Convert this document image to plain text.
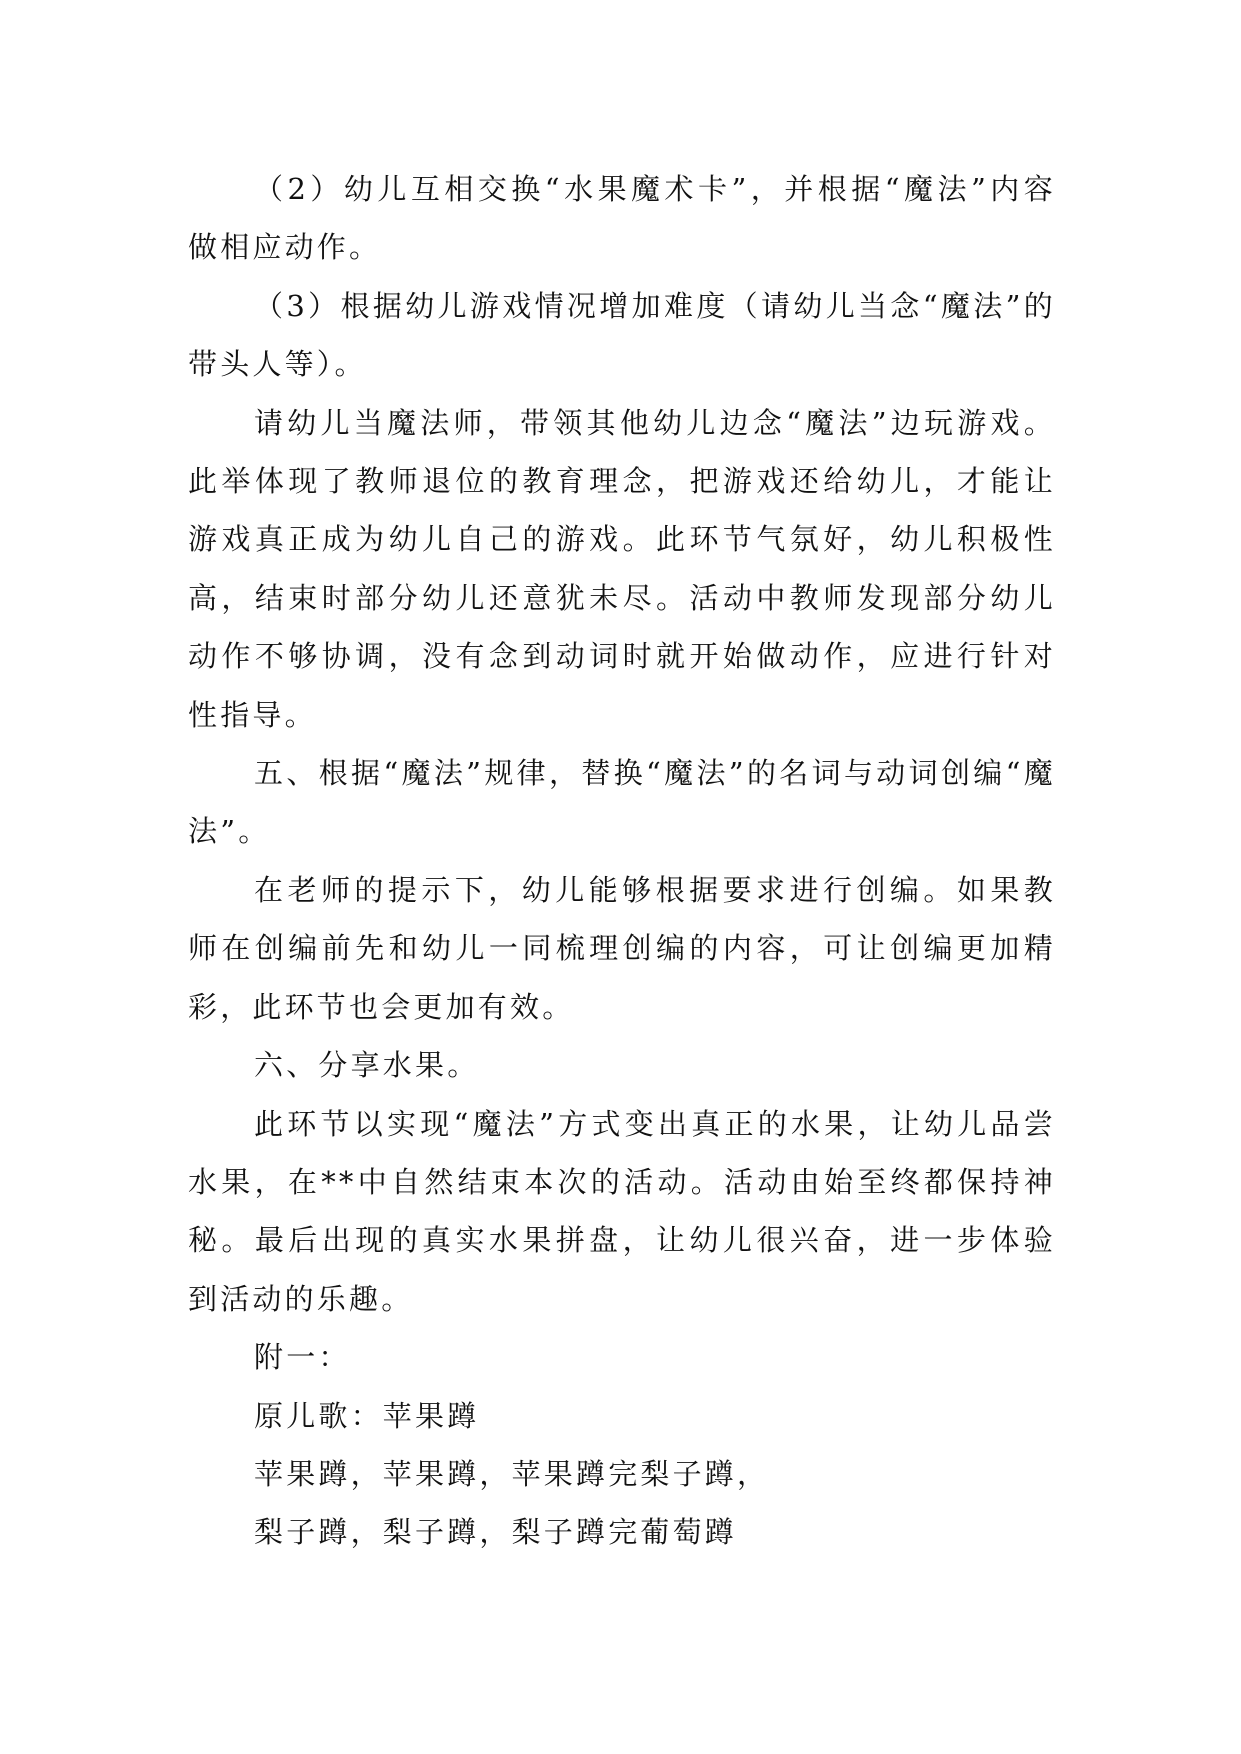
（2）幼儿互相交换“水果魔术卡”，并根据“魔法”内容做相应动作。

（3）根据幼儿游戏情况增加难度（请幼儿当念“魔法”的带头人等）。

请幼儿当魔法师，带领其他幼儿边念“魔法”边玩游戏。此举体现了教师退位的教育理念，把游戏还给幼儿，才能让游戏真正成为幼儿自己的游戏。此环节气氛好，幼儿积极性高，结束时部分幼儿还意犹未尽。活动中教师发现部分幼儿动作不够协调，没有念到动词时就开始做动作，应进行针对性指导。

五、根据“魔法”规律，替换“魔法”的名词与动词创编“魔法”。

在老师的提示下，幼儿能够根据要求进行创编。如果教师在创编前先和幼儿一同梳理创编的内容，可让创编更加精彩，此环节也会更加有效。

六、分享水果。

此环节以实现“魔法”方式变出真正的水果，让幼儿品尝水果，在**中自然结束本次的活动。活动由始至终都保持神秘。最后出现的真实水果拼盘，让幼儿很兴奋，进一步体验到活动的乐趣。

附一：

原儿歌：苹果蹲

苹果蹲，苹果蹲，苹果蹲完梨子蹲，

梨子蹲，梨子蹲，梨子蹲完葡萄蹲
